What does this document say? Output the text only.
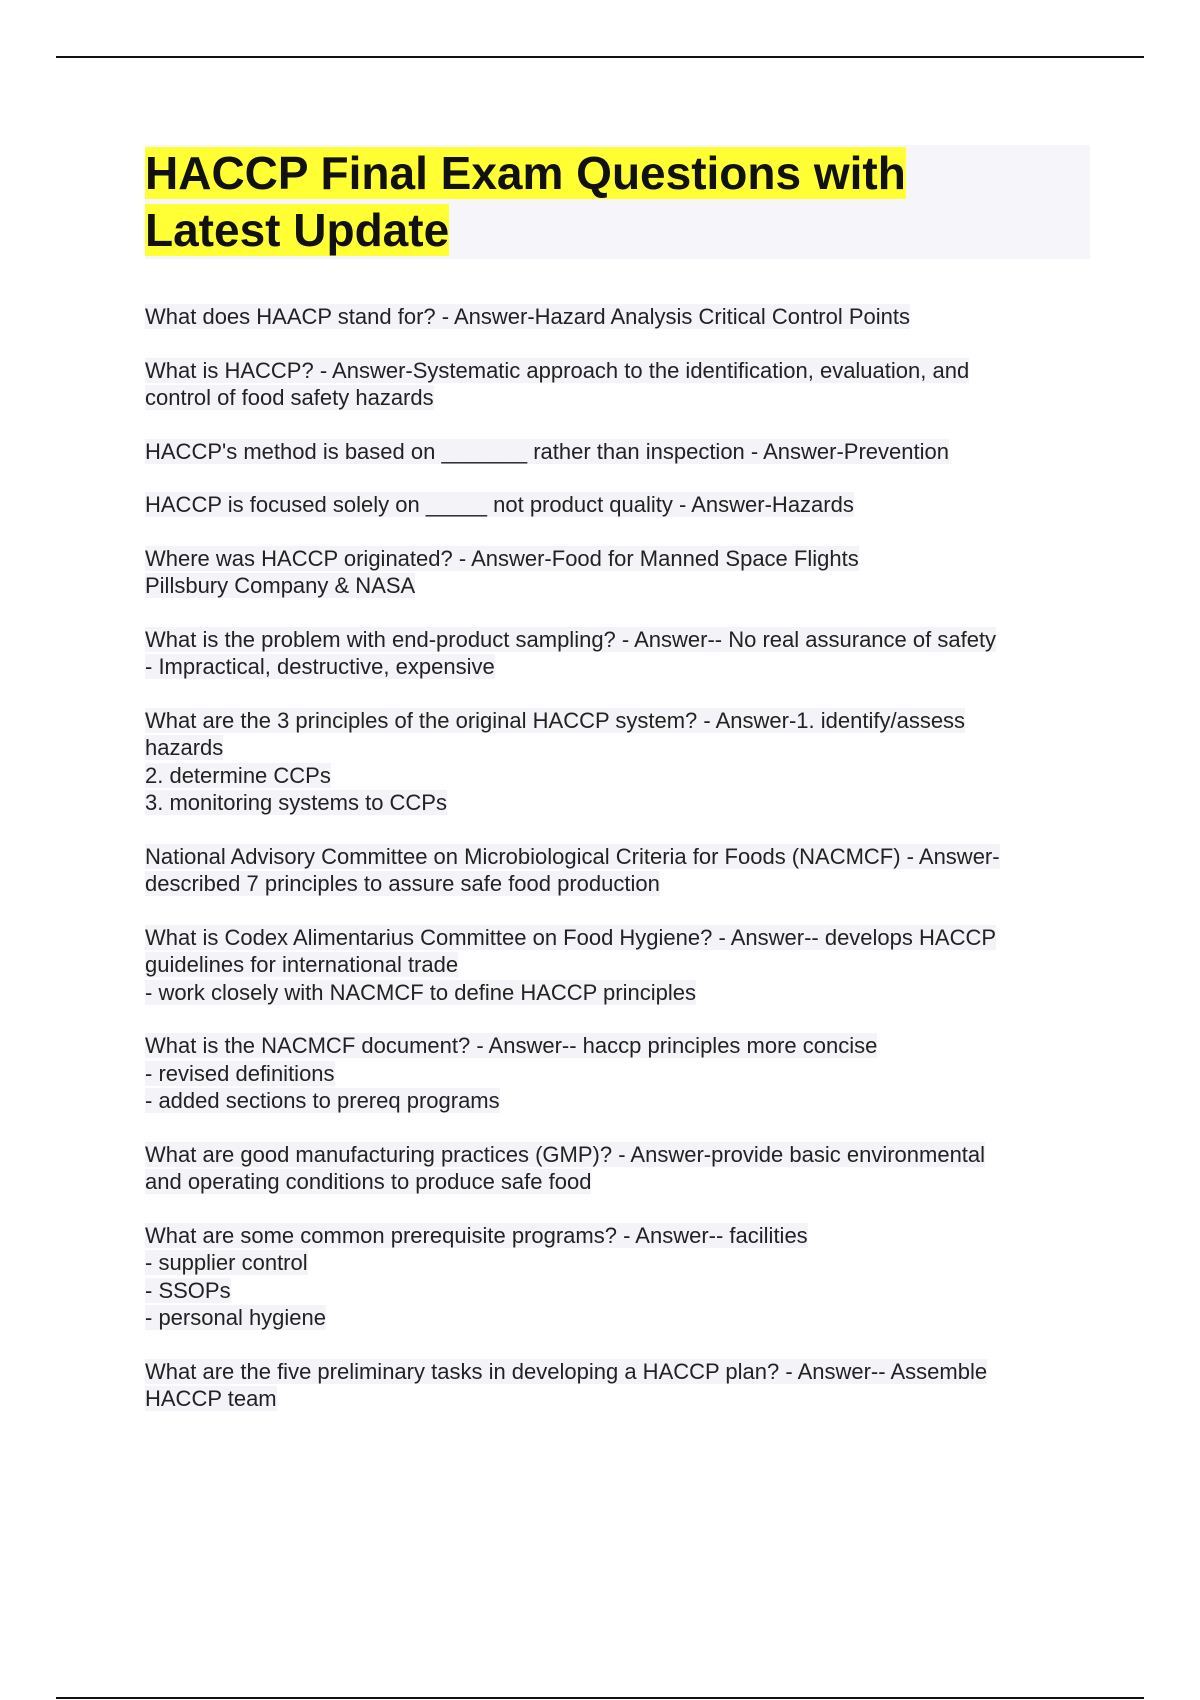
HACCP Final Exam Questions with
Latest Update

What does HAACP stand for? - Answer-Hazard Analysis Critical Control Points

What is HACCP? - Answer-Systematic approach to the identification, evaluation, and
control of food safety hazards

HACCP's method is based on _______ rather than inspection - Answer-Prevention

HACCP is focused solely on _____ not product quality - Answer-Hazards

Where was HACCP originated? - Answer-Food for Manned Space Flights
Pillsbury Company & NASA

What is the problem with end-product sampling? - Answer-- No real assurance of safety
- Impractical, destructive, expensive

What are the 3 principles of the original HACCP system? - Answer-1. identify/assess
hazards
2. determine CCPs
3. monitoring systems to CCPs

National Advisory Committee on Microbiological Criteria for Foods (NACMCF) - Answer-
described 7 principles to assure safe food production

What is Codex Alimentarius Committee on Food Hygiene? - Answer-- develops HACCP
guidelines for international trade
- work closely with NACMCF to define HACCP principles

What is the NACMCF document? - Answer-- haccp principles more concise
- revised definitions
- added sections to prereq programs

What are good manufacturing practices (GMP)? - Answer-provide basic environmental
and operating conditions to produce safe food

What are some common prerequisite programs? - Answer-- facilities
- supplier control
- SSOPs
- personal hygiene

What are the five preliminary tasks in developing a HACCP plan? - Answer-- Assemble
HACCP team
